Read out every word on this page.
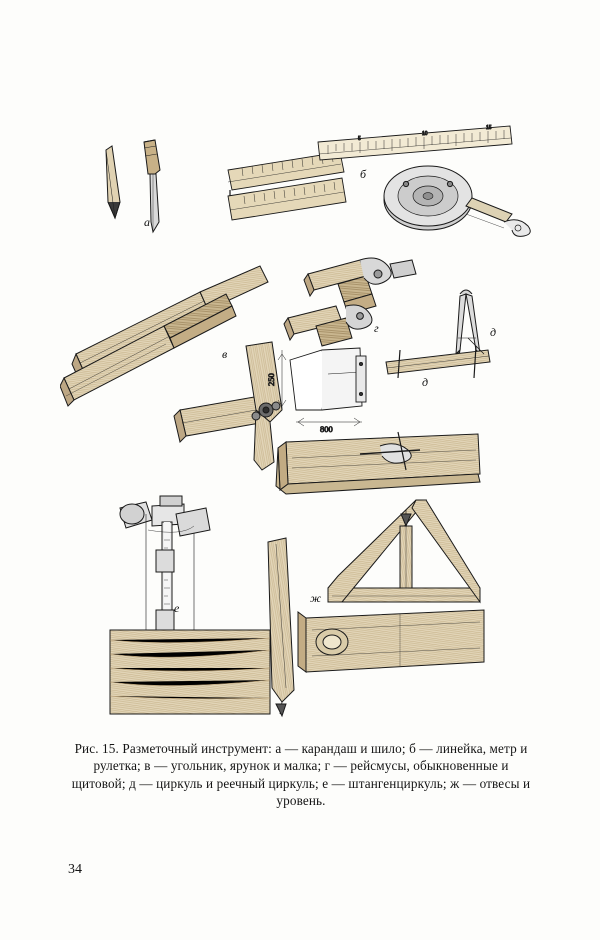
а
5
10
15
б
в
г	д
д
250
800
е
ж
Рис. 15. Разметочный инструмент: а — карандаш и шило; б — линейка, метр и рулетка; в — угольник, ярунок и малка; г — рейсмусы, обыкновенные и щитовой; д — циркуль и реечный циркуль; е — штангенциркуль; ж — отвесы и уровень.
34
